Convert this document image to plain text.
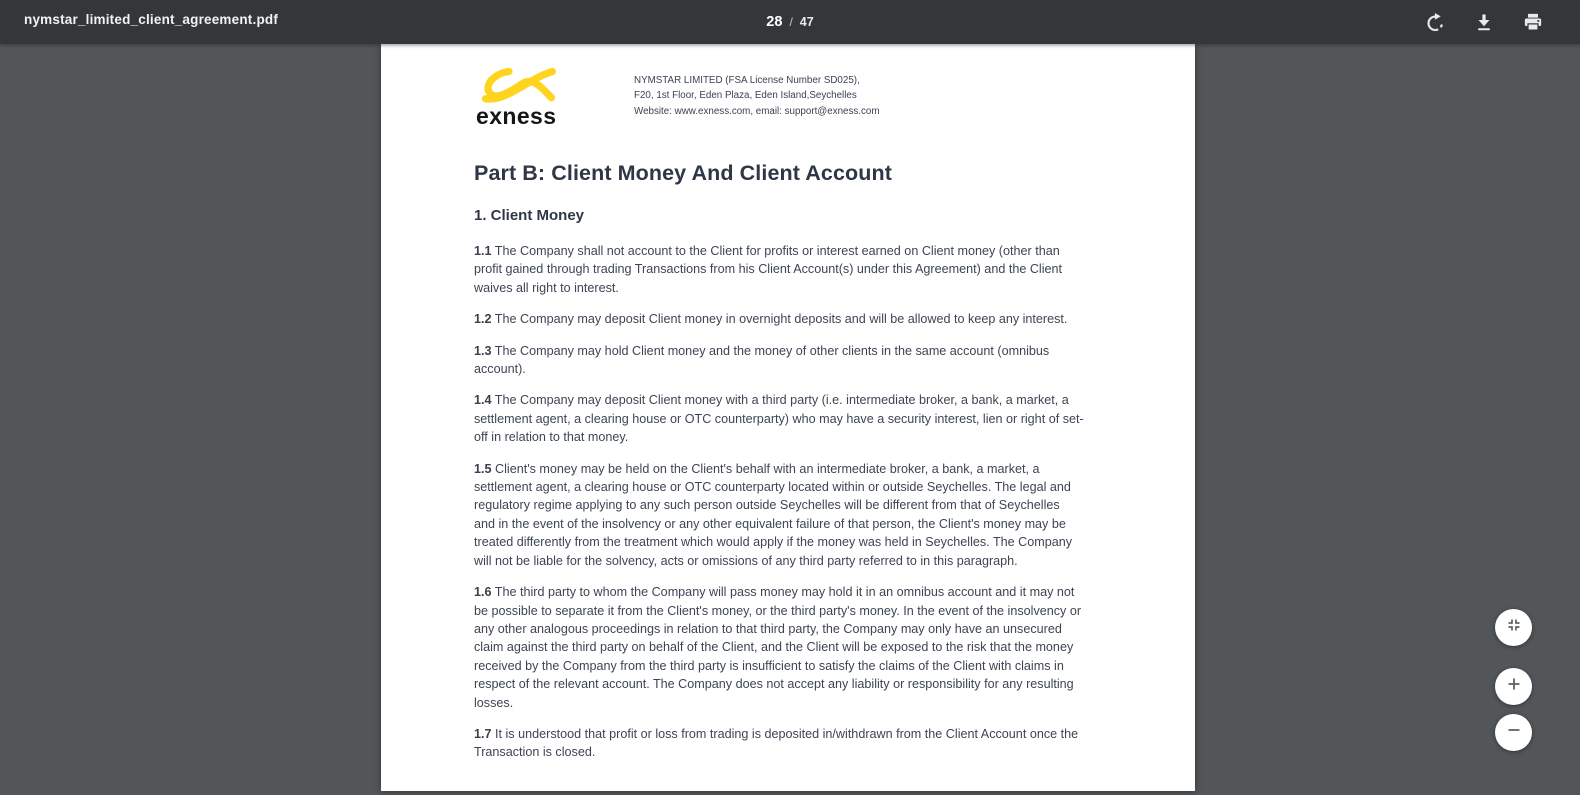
nymstar_limited_client_agreement.pdf	28 / 47
exness
NYMSTAR LIMITED (FSA License Number SD025),
F20, 1st Floor, Eden Plaza, Eden Island,Seychelles
Website: www.exness.com, email: support@exness.com
Part B: Client Money And Client Account
1. Client Money

1.1 The Company shall not account to the Client for profits or interest earned on Client money (other than profit gained through trading Transactions from his Client Account(s) under this Agreement) and the Client waives all right to interest.

1.2 The Company may deposit Client money in overnight deposits and will be allowed to keep any interest.

1.3 The Company may hold Client money and the money of other clients in the same account (omnibus account).

1.4 The Company may deposit Client money with a third party (i.e. intermediate broker, a bank, a market, a settlement agent, a clearing house or OTC counterparty) who may have a security interest, lien or right of set-off in relation to that money.

1.5 Client's money may be held on the Client's behalf with an intermediate broker, a bank, a market, a settlement agent, a clearing house or OTC counterparty located within or outside Seychelles. The legal and regulatory regime applying to any such person outside Seychelles will be different from that of Seychelles and in the event of the insolvency or any other equivalent failure of that person, the Client's money may be treated differently from the treatment which would apply if the money was held in Seychelles. The Company will not be liable for the solvency, acts or omissions of any third party referred to in this paragraph.

1.6 The third party to whom the Company will pass money may hold it in an omnibus account and it may not be possible to separate it from the Client's money, or the third party's money. In the event of the insolvency or any other analogous proceedings in relation to that third party, the Company may only have an unsecured claim against the third party on behalf of the Client, and the Client will be exposed to the risk that the money received by the Company from the third party is insufficient to satisfy the claims of the Client with claims in respect of the relevant account. The Company does not accept any liability or responsibility for any resulting losses.

1.7 It is understood that profit or loss from trading is deposited in/withdrawn from the Client Account once the Transaction is closed.
